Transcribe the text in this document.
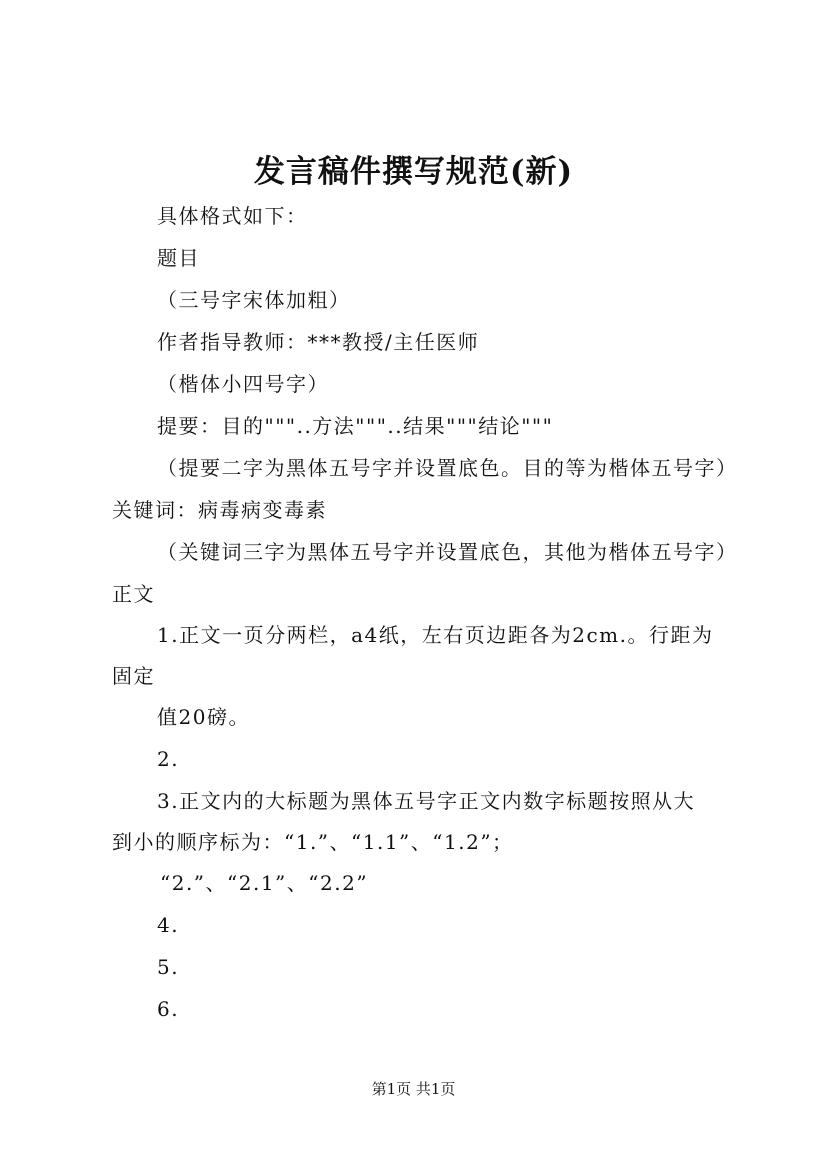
发言稿件撰写规范(新)
具体格式如下：
题目
（三号字宋体加粗）
作者指导教师：***教授/主任医师
（楷体小四号字）
提要：目的"""..方法"""..结果"""结论"""
（提要二字为黑体五号字并设置底色。目的等为楷体五号字）
关键词：病毒病变毒素
（关键词三字为黑体五号字并设置底色，其他为楷体五号字）
正文
1.正文一页分两栏，a4纸，左右页边距各为2cm.。行距为
固定
值20磅。
2.
3.正文内的大标题为黑体五号字正文内数字标题按照从大
到小的顺序标为：“1.”、“1.1”、“1.2”；
“2.”、“2.1”、“2.2”
4.
5.
6.
第1页 共1页
